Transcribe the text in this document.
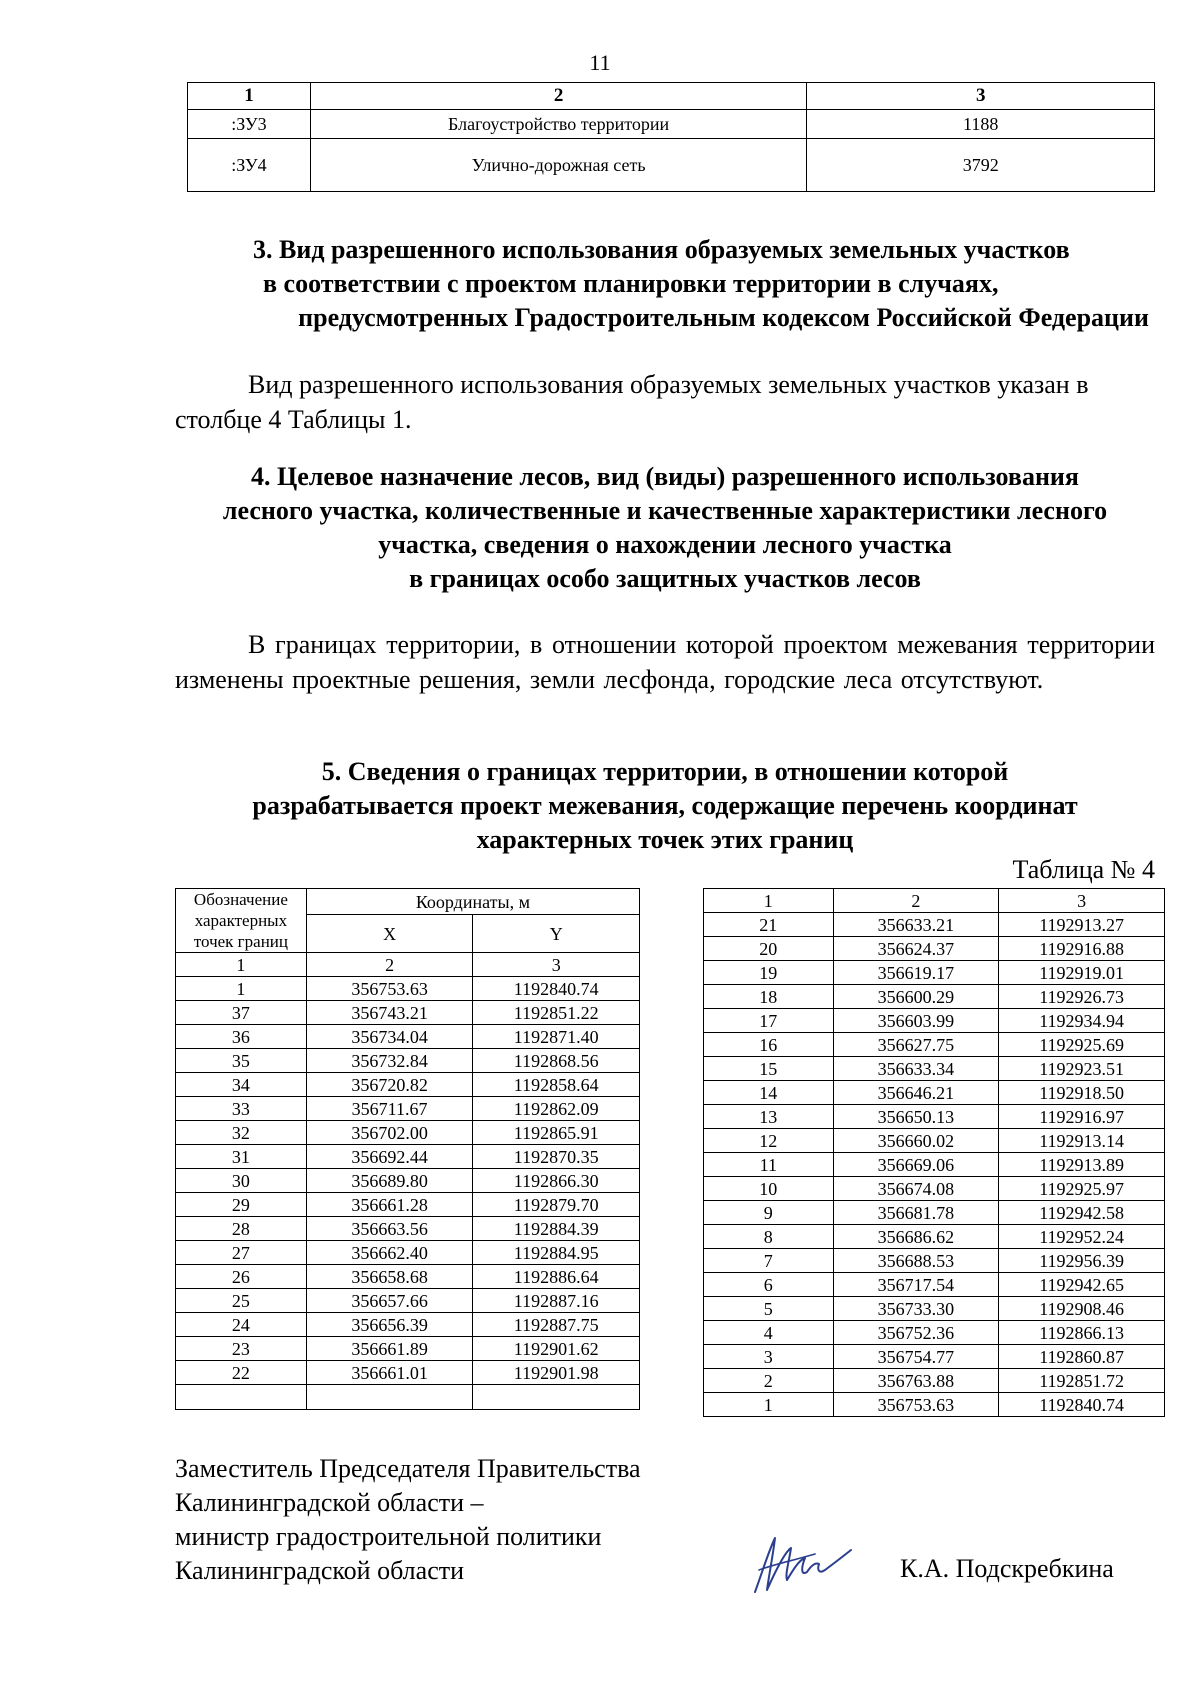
11
1	2	3
:ЗУ3	Благоустройство территории	1188
:ЗУ4	Улично-дорожная сеть	3792

3. Вид разрешенного использования образуемых земельных участков

в соответствии с проектом планировки территории в случаях,

предусмотренных Градостроительным кодексом Российской Федерации

Вид разрешенного использования образуемых земельных участков указан в столбце 4 Таблицы 1.

4. Целевое назначение лесов, вид (виды) разрешенного использования

лесного участка, количественные и качественные характеристики лесного

участка, сведения о нахождении лесного участка

в границах особо защитных участков лесов

В границах территории, в отношении которой проектом межевания территории изменены проектные решения, земли лесфонда, городские леса отсутствуют.

5. Сведения о границах территории, в отношении которой

разрабатывается проект межевания, содержащие перечень координат

характерных точек этих границ

Таблица № 4
Обозначение характерных точек границ	Координаты, м	
	X	Y
1	2	3
1	356753.63	1192840.74
37	356743.21	1192851.22
36	356734.04	1192871.40
35	356732.84	1192868.56
34	356720.82	1192858.64
33	356711.67	1192862.09
32	356702.00	1192865.91
31	356692.44	1192870.35
30	356689.80	1192866.30
29	356661.28	1192879.70
28	356663.56	1192884.39
27	356662.40	1192884.95
26	356658.68	1192886.64
25	356657.66	1192887.16
24	356656.39	1192887.75
23	356661.89	1192901.62
22	356661.01	1192901.98

1	2	3
21	356633.21	1192913.27
20	356624.37	1192916.88
19	356619.17	1192919.01
18	356600.29	1192926.73
17	356603.99	1192934.94
16	356627.75	1192925.69
15	356633.34	1192923.51
14	356646.21	1192918.50
13	356650.13	1192916.97
12	356660.02	1192913.14
11	356669.06	1192913.89
10	356674.08	1192925.97
9	356681.78	1192942.58
8	356686.62	1192952.24
7	356688.53	1192956.39
6	356717.54	1192942.65
5	356733.30	1192908.46
4	356752.36	1192866.13
3	356754.77	1192860.87
2	356763.88	1192851.72
1	356753.63	1192840.74

Заместитель Председателя Правительства

Калининградской области –

министр градостроительной политики

Калининградской области	К.А. Подскребкина
